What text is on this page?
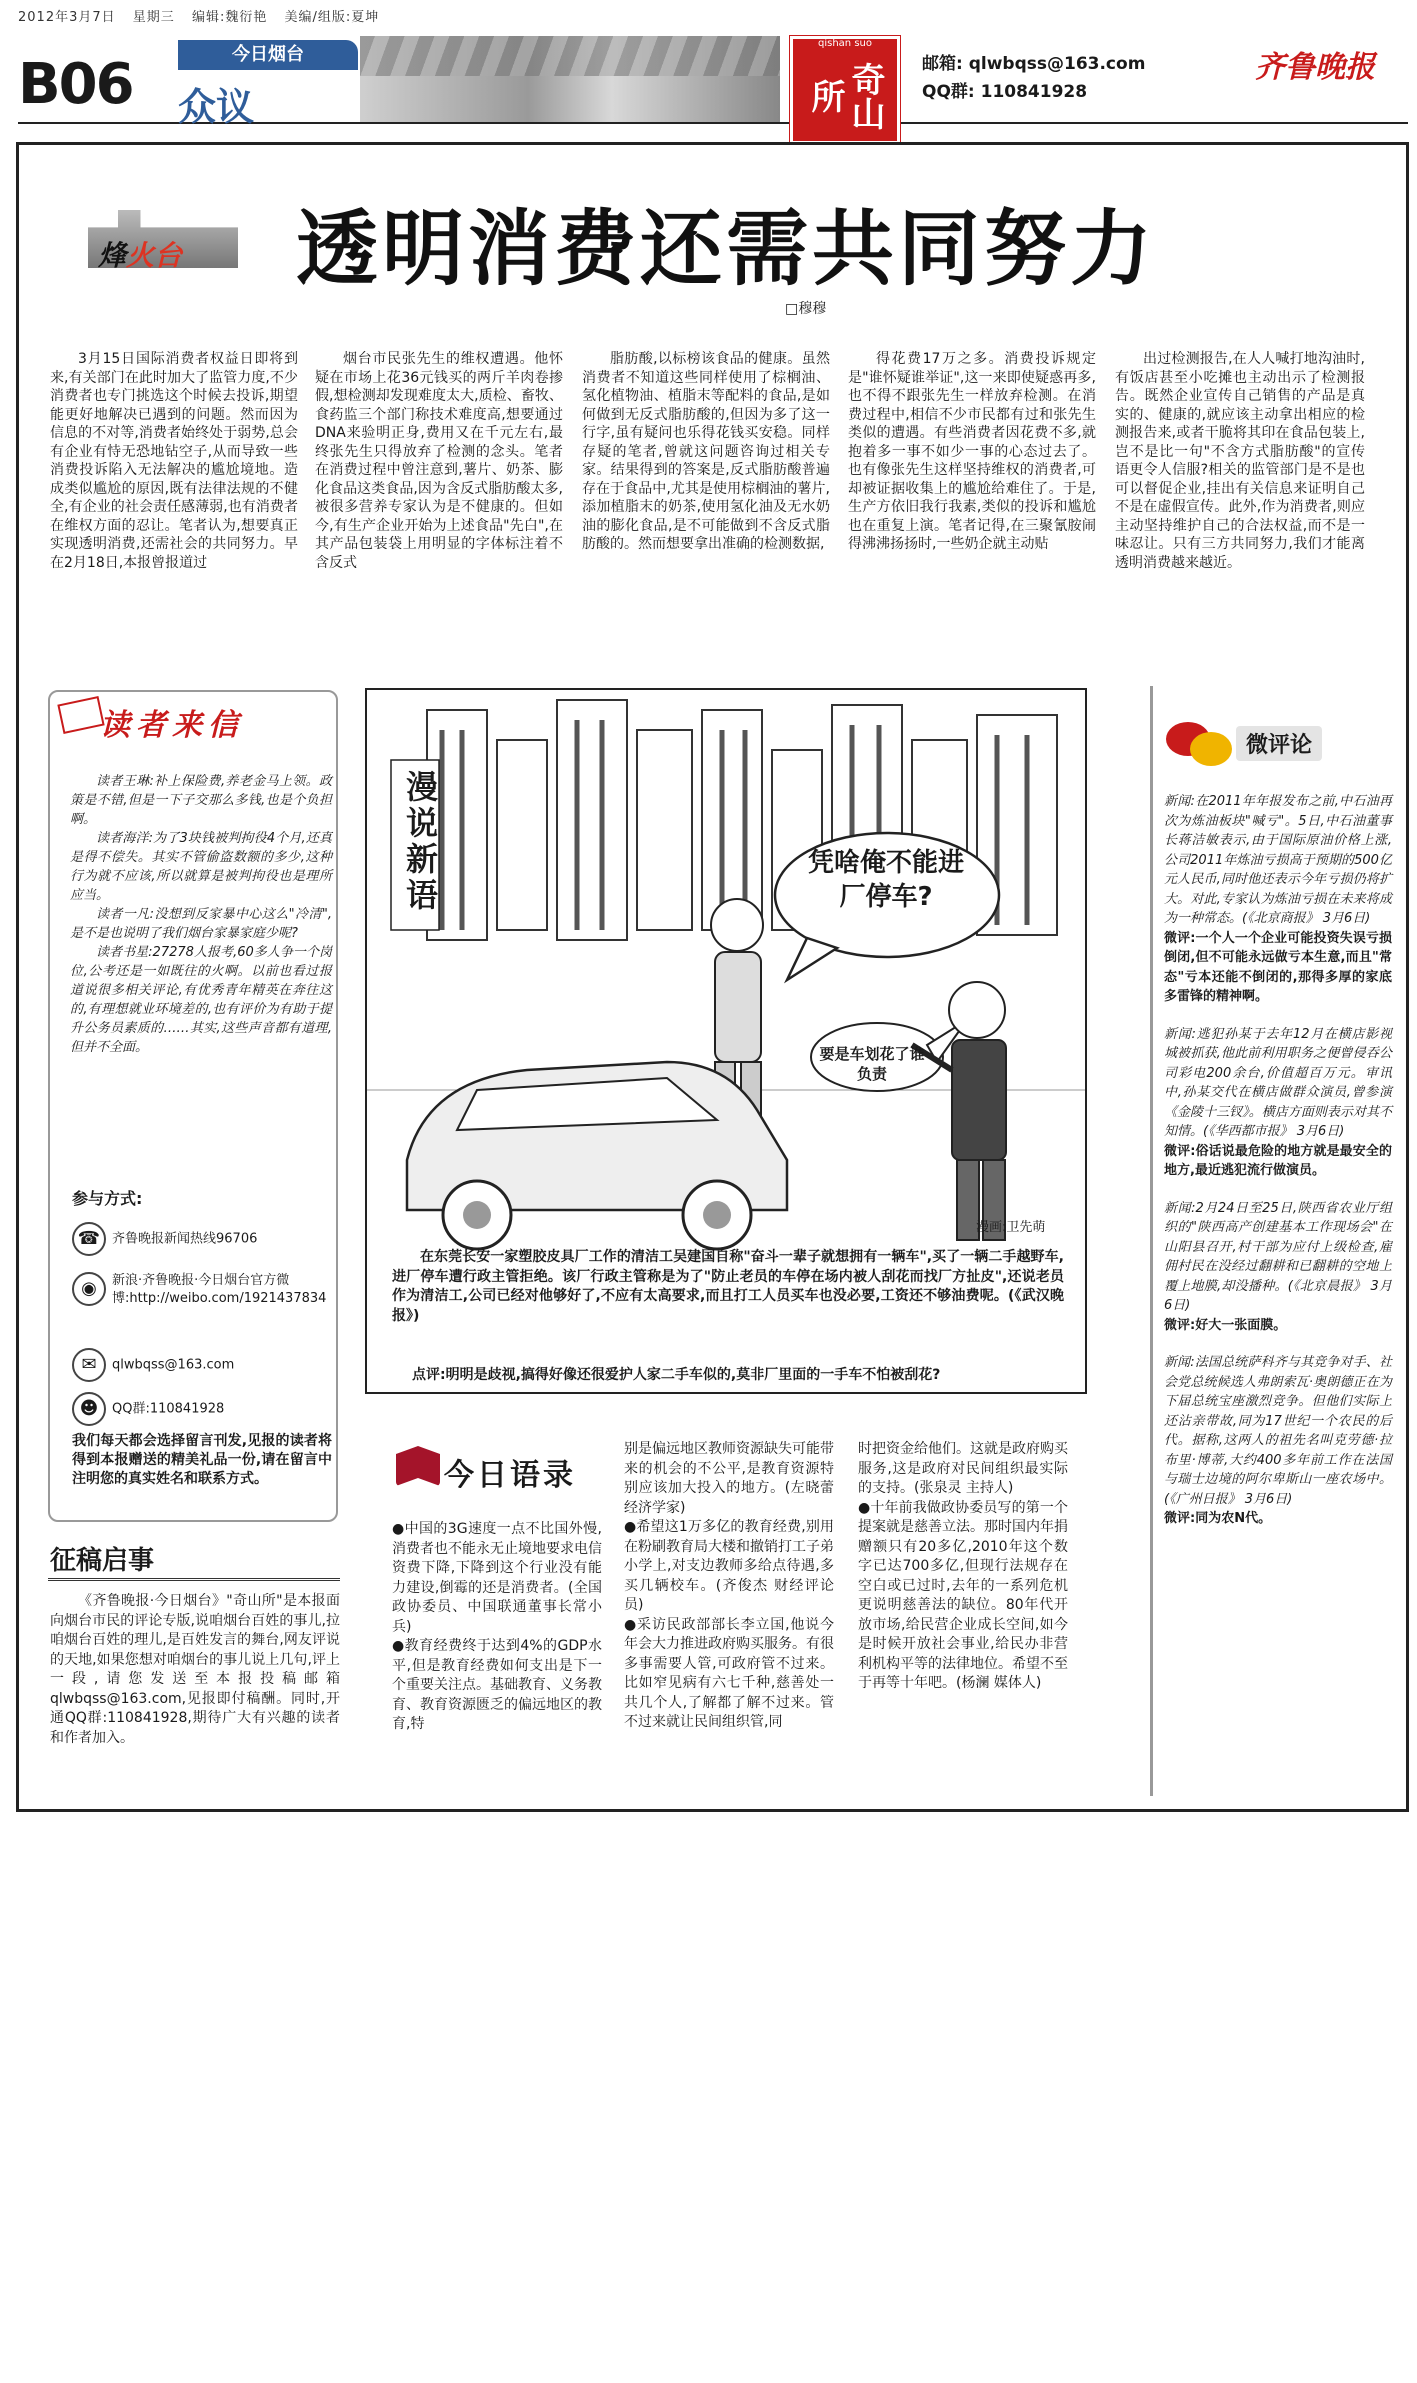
2012年3月7日 星期三 编辑:魏衍艳 美编/组版:夏坤
B06	今日烟台
众议
qishan suo
奇山所
邮箱: qlwbqss@163.com
QQ群: 110841928
齐鲁晚报
烽火台 透明消费还需共同努力
□穆穆
3月15日国际消费者权益日即将到来,有关部门在此时加大了监管力度,不少消费者也专门挑选这个时候去投诉,期望能更好地解决已遇到的问题。然而因为信息的不对等,消费者始终处于弱势,总会有企业有恃无恐地钻空子,从而导致一些消费投诉陷入无法解决的尴尬境地。造成类似尴尬的原因,既有法律法规的不健全,有企业的社会责任感薄弱,也有消费者在维权方面的忍让。笔者认为,想要真正实现透明消费,还需社会的共同努力。早在2月18日,本报曾报道过
烟台市民张先生的维权遭遇。他怀疑在市场上花36元钱买的两斤羊肉卷掺假,想检测却发现难度太大,质检、畜牧、食药监三个部门称技术难度高,想要通过DNA来验明正身,费用又在千元左右,最终张先生只得放弃了检测的念头。笔者在消费过程中曾注意到,薯片、奶茶、膨化食品这类食品,因为含反式脂肪酸太多,被很多营养专家认为是不健康的。但如今,有生产企业开始为上述食品"先白",在其产品包装袋上用明显的字体标注着不含反式
脂肪酸,以标榜该食品的健康。虽然消费者不知道这些同样使用了棕榈油、氢化植物油、植脂末等配料的食品,是如何做到无反式脂肪酸的,但因为多了这一行字,虽有疑问也乐得花钱买安稳。同样存疑的笔者,曾就这问题咨询过相关专家。结果得到的答案是,反式脂肪酸普遍存在于食品中,尤其是使用棕榈油的薯片,添加植脂末的奶茶,使用氢化油及无水奶油的膨化食品,是不可能做到不含反式脂肪酸的。然而想要拿出准确的检测数据,
得花费17万之多。消费投诉规定是"谁怀疑谁举证",这一来即使疑惑再多,也不得不跟张先生一样放弃检测。在消费过程中,相信不少市民都有过和张先生类似的遭遇。有些消费者因花费不多,就抱着多一事不如少一事的心态过去了。也有像张先生这样坚持维权的消费者,可却被证据收集上的尴尬给难住了。于是,生产方依旧我行我素,类似的投诉和尴尬也在重复上演。笔者记得,在三聚氰胺闹得沸沸扬扬时,一些奶企就主动贴
出过检测报告,在人人喊打地沟油时,有饭店甚至小吃摊也主动出示了检测报告。既然企业宣传自己销售的产品是真实的、健康的,就应该主动拿出相应的检测报告来,或者干脆将其印在食品包装上,岂不是比一句"不含方式脂肪酸"的宣传语更令人信服?相关的监管部门是不是也可以督促企业,挂出有关信息来证明自己不是在虚假宣传。此外,作为消费者,则应主动坚持维护自己的合法权益,而不是一味忍让。只有三方共同努力,我们才能离透明消费越来越近。
读者来信

读者王琳:补上保险费,养老金马上领。政策是不错,但是一下子交那么多钱,也是个负担啊。

读者海洋:为了3块钱被判拘役4个月,还真是得不偿失。其实不管偷盗数额的多少,这种行为就不应该,所以就算是被判拘役也是理所应当。

读者一凡:没想到反家暴中心这么"冷清",是不是也说明了我们烟台家暴家庭少呢?

读者书星:27278人报考,60多人争一个岗位,公考还是一如既往的火啊。以前也看过报道说很多相关评论,有优秀青年精英在奔往这的,有理想就业环境差的,也有评价为有助于提升公务员素质的……其实,这些声音都有道理,但并不全面。

参与方式:
☎ 齐鲁晚报新闻热线96706
◉	新浪·齐鲁晚报·今日烟台官方微博:http://weibo.com/1921437834
✉ qlwbqss@163.com
☻ QQ群:110841928
我们每天都会选择留言刊发,见报的读者将得到本报赠送的精美礼品一份,请在留言中注明您的真实姓名和联系方式。
征稿启事

《齐鲁晚报·今日烟台》"奇山所"是本报面向烟台市民的评论专版,说咱烟台百姓的事儿,拉咱烟台百姓的理儿,是百姓发言的舞台,网友评说的天地,如果您想对咱烟台的事儿说上几句,评上一段,请您发送至本报投稿邮箱qlwbqss@163.com,见报即付稿酬。同时,开通QQ群:110841928,期待广大有兴趣的读者和作者加入。

漫说新语	凭啥俺不能进厂停车?
要是车划花了谁负责
漫画:卫先萌
在东莞长安一家塑胶皮具厂工作的清洁工吴建国自称"奋斗一辈子就想拥有一辆车",买了一辆二手越野车,进厂停车遭行政主管拒绝。该厂行政主管称是为了"防止老员的车停在场内被人刮花而找厂方扯皮",还说老员作为清洁工,公司已经对他够好了,不应有太高要求,而且打工人员买车也没必要,工资还不够油费呢。(《武汉晚报》)
点评:明明是歧视,搞得好像还很爱护人家二手车似的,莫非厂里面的一手车不怕被刮花?
今日语录
●中国的3G速度一点不比国外慢,消费者也不能永无止境地要求电信资费下降,下降到这个行业没有能力建设,倒霉的还是消费者。(全国政协委员、中国联通董事长常小兵)
●教育经费终于达到4%的GDP水平,但是教育经费如何支出是下一个重要关注点。基础教育、义务教育、教育资源匮乏的偏远地区的教育,特
别是偏远地区教师资源缺失可能带来的机会的不公平,是教育资源特别应该加大投入的地方。(左晓蕾 经济学家)
●希望这1万多亿的教育经费,别用在粉刷教育局大楼和撤销打工子弟小学上,对支边教师多给点待遇,多买几辆校车。(齐俊杰 财经评论员)
●采访民政部部长李立国,他说今年会大力推进政府购买服务。有很多事需要人管,可政府管不过来。比如窄见病有六七千种,慈善处一共几个人,了解都了解不过来。管不过来就让民间组织管,同
时把资金给他们。这就是政府购买服务,这是政府对民间组织最实际的支持。(张泉灵 主持人)
●十年前我做政协委员写的第一个提案就是慈善立法。那时国内年捐赠额只有20多亿,2010年这个数字已达700多亿,但现行法规存在空白或已过时,去年的一系列危机更说明慈善法的缺位。80年代开放市场,给民营企业成长空间,如今是时候开放社会事业,给民办非营利机构平等的法律地位。希望不至于再等十年吧。(杨澜 媒体人)
微评论
新闻:在2011年年报发布之前,中石油再次为炼油板块"喊亏"。5日,中石油董事长蒋洁敏表示,由于国际原油价格上涨,公司2011年炼油亏损高于预期的500亿元人民币,同时他还表示今年亏损仍将扩大。对此,专家认为炼油亏损在未来将成为一种常态。(《北京商报》 3月6日)

微评:一个人一个企业可能投资失误亏损倒闭,但不可能永远做亏本生意,而且"常态"亏本还能不倒闭的,那得多厚的家底多雷锋的精神啊。

新闻:逃犯孙某于去年12月在横店影视城被抓获,他此前利用职务之便曾侵吞公司彩电200余台,价值超百万元。审讯中,孙某交代在横店做群众演员,曾参演《金陵十三钗》。横店方面则表示对其不知情。(《华西都市报》 3月6日)

微评:俗话说最危险的地方就是最安全的地方,最近逃犯流行做演员。

新闻:2月24日至25日,陕西省农业厅组织的"陕西高产创建基本工作现场会"在山阳县召开,村干部为应付上级检查,雇佣村民在没经过翻耕和已翻耕的空地上覆上地膜,却没播种。(《北京晨报》 3月6日)

微评:好大一张面膜。

新闻:法国总统萨科齐与其竞争对手、社会党总统候选人弗朗索瓦·奥朗德正在为下届总统宝座激烈竞争。但他们实际上还沾亲带故,同为17世纪一个农民的后代。据称,这两人的祖先名叫克劳德·拉布里·博蒂,大约400多年前工作在法国与瑞士边境的阿尔卑斯山一座农场中。(《广州日报》 3月6日)

微评:同为农N代。
